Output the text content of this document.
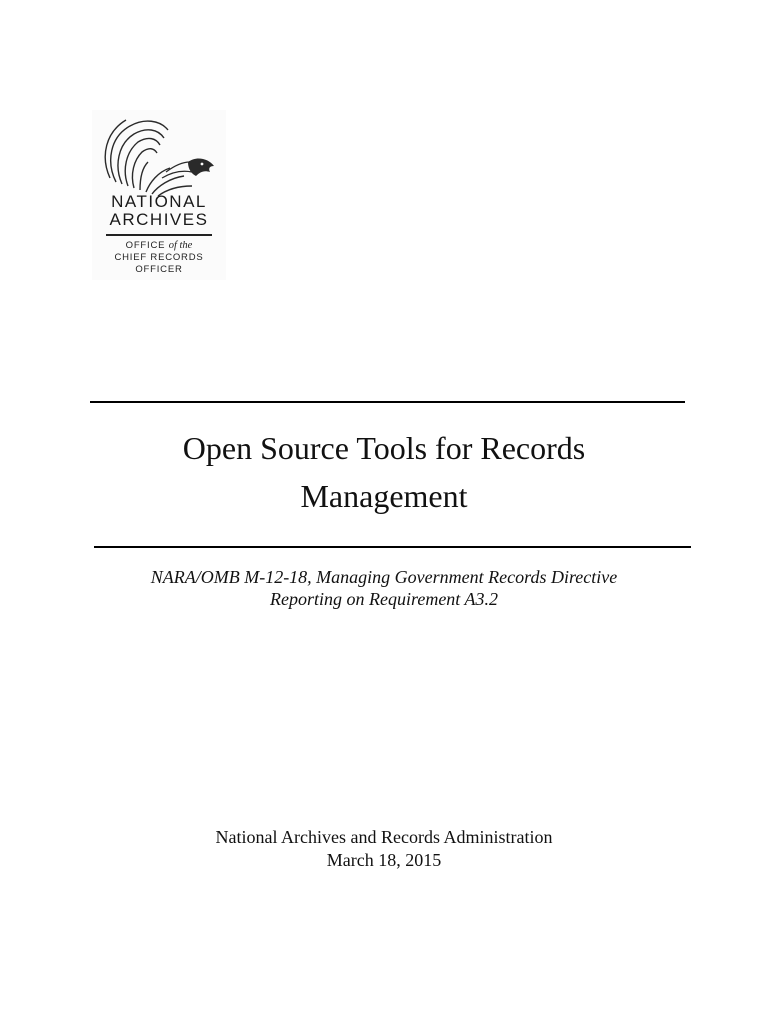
NATIONAL
ARCHIVES
OFFICE of the
CHIEF RECORDS
OFFICER
Open Source Tools for Records
Management
NARA/OMB M-12-18, Managing Government Records Directive
Reporting on Requirement A3.2
National Archives and Records Administration
March 18, 2015
